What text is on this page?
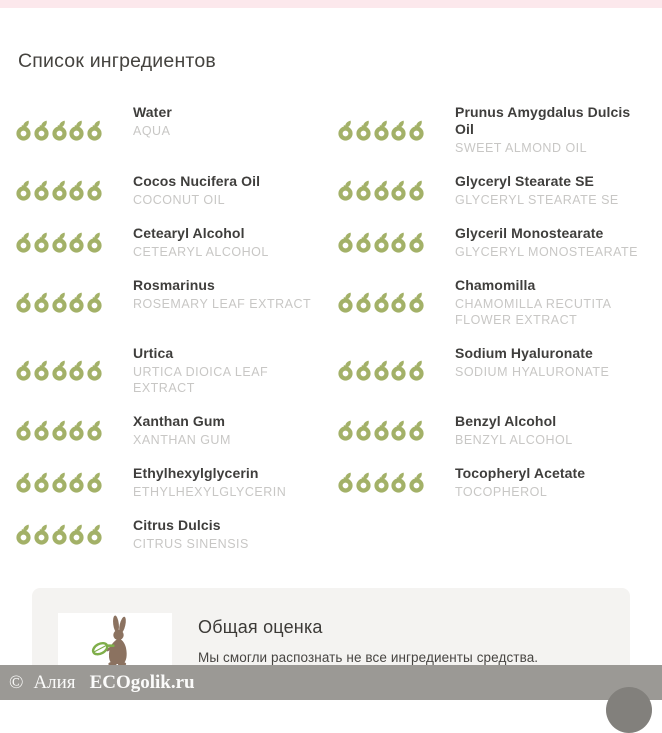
Список ингредиентов
Water
AQUA
Prunus Amygdalus Dulcis Oil
SWEET ALMOND OIL
Cocos Nucifera Oil
COCONUT OIL
Glyceryl Stearate SE
GLYCERYL STEARATE SE
Cetearyl Alcohol
CETEARYL ALCOHOL
Glyceril Monostearate
GLYCERYL MONOSTEARATE
Rosmarinus
ROSEMARY LEAF EXTRACT
Chamomilla
CHAMOMILLA RECUTITA FLOWER EXTRACT
Urtica
URTICA DIOICA LEAF EXTRACT
Sodium Hyaluronate
SODIUM HYALURONATE
Xanthan Gum
XANTHAN GUM
Benzyl Alcohol
BENZYL ALCOHOL
Ethylhexylglycerin
ETHYLHEXYLGLYCERIN
Tocopheryl Acetate
TOCOPHEROL
Citrus Dulcis
CITRUS SINENSIS
Общая оценка
Мы смогли распознать не все ингредиенты средства.
© Алия ECOgolik.ru
